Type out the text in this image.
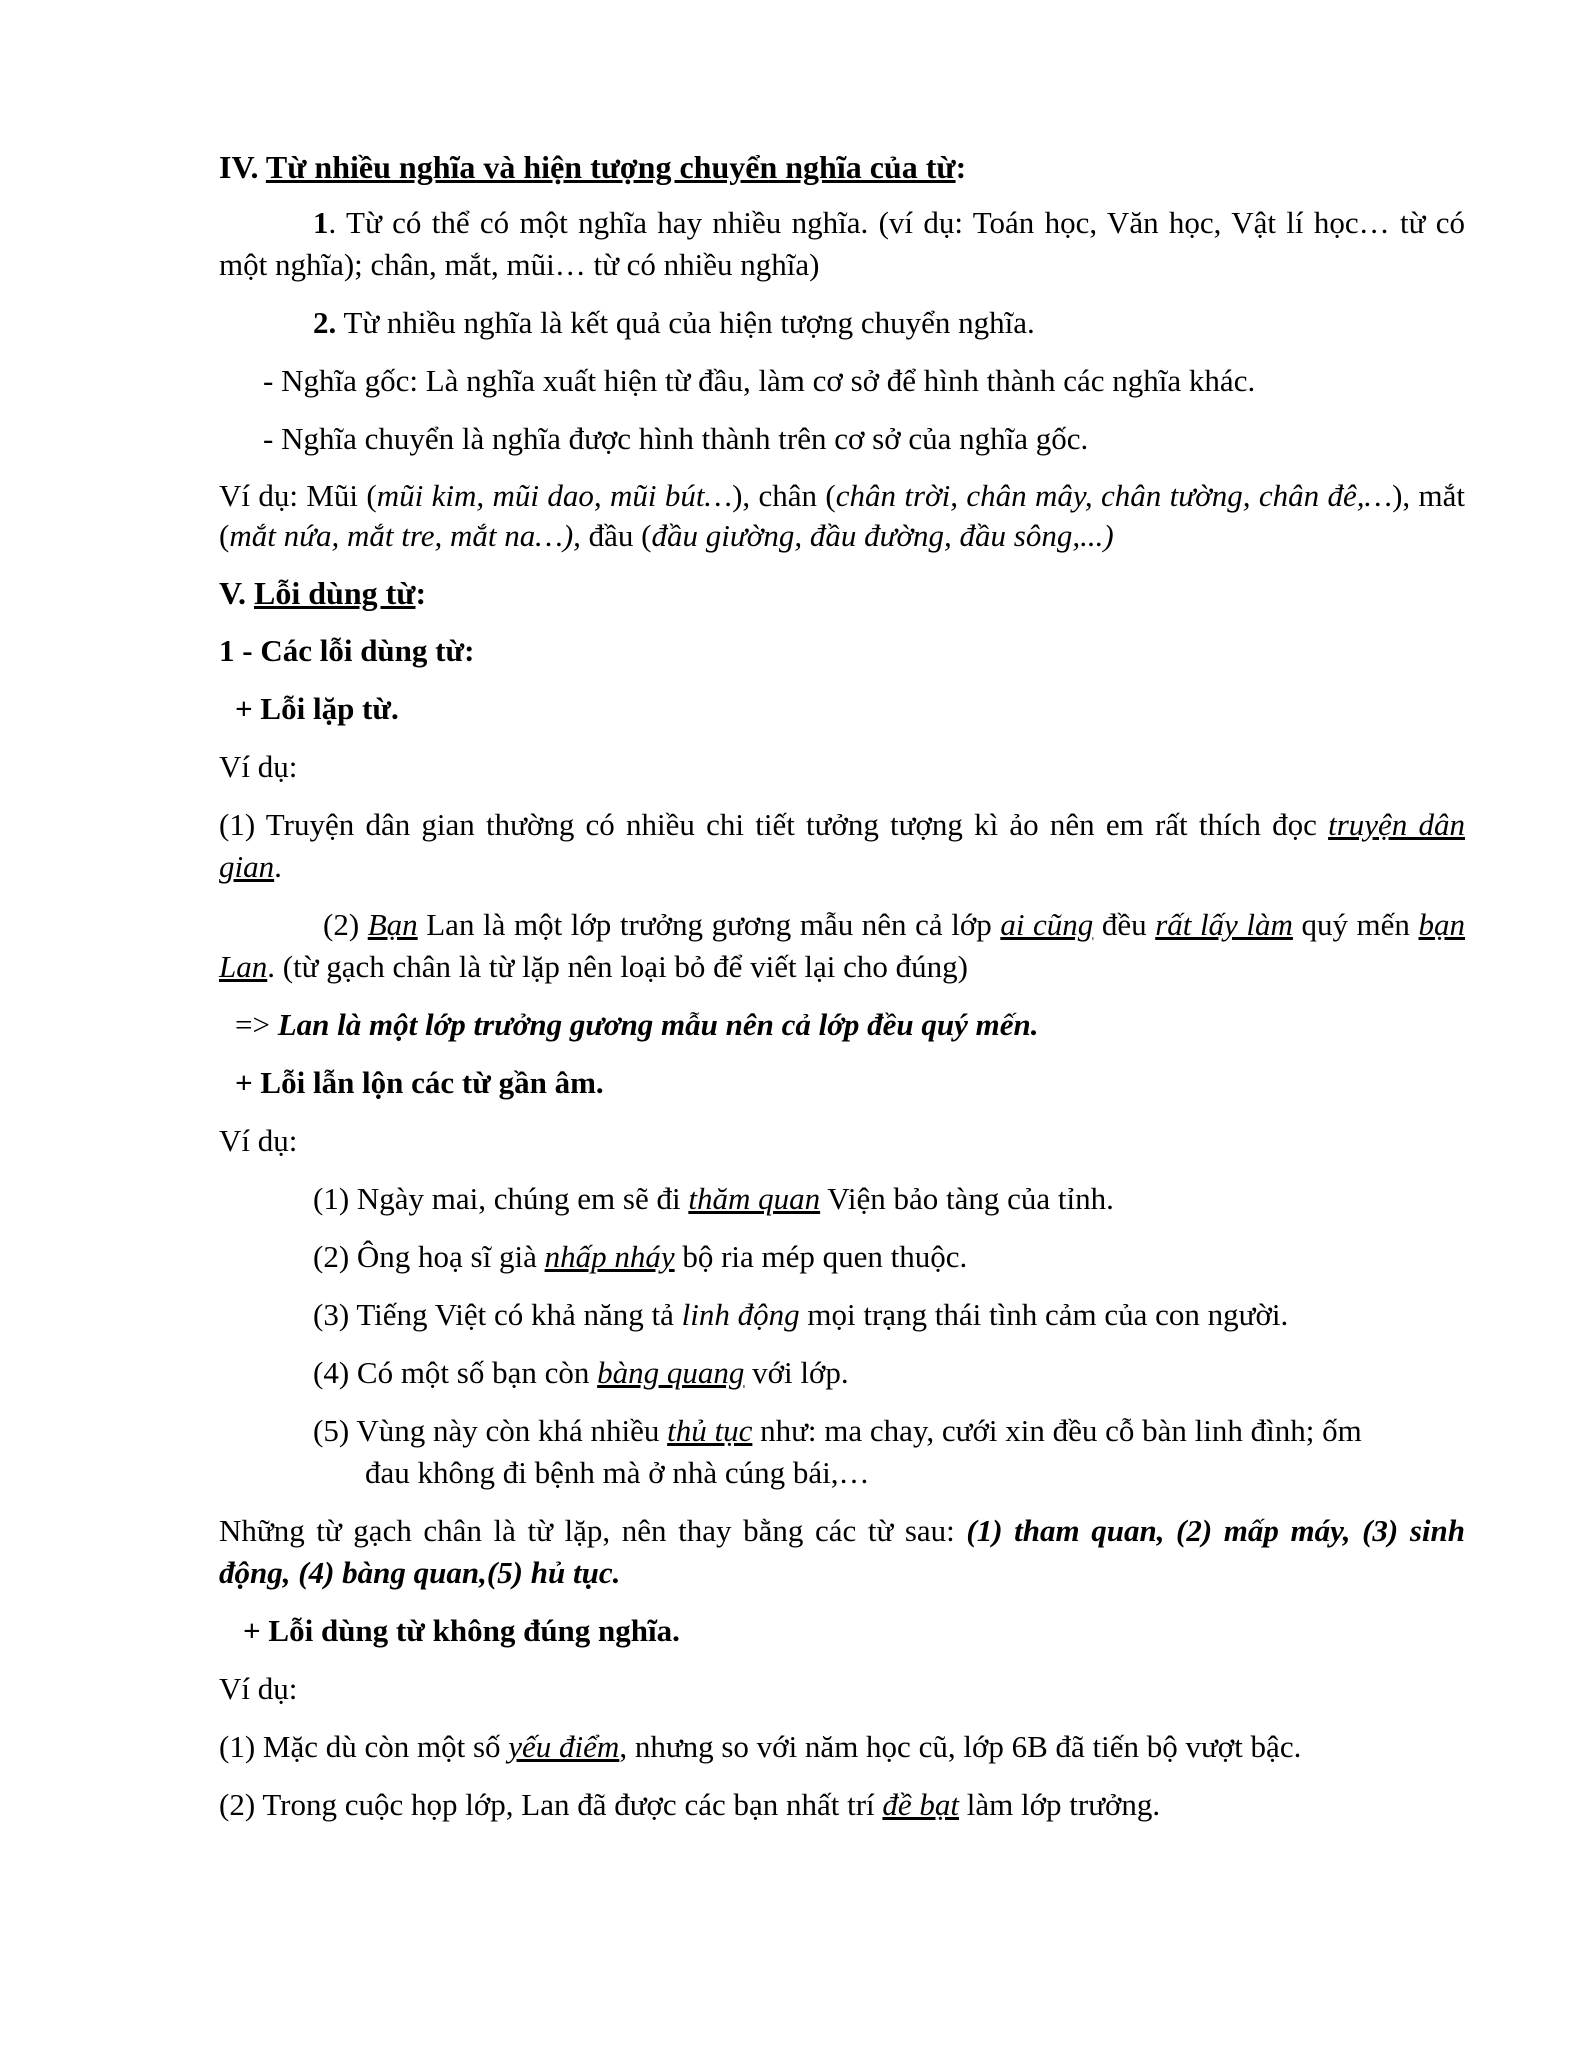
IV. Từ nhiều nghĩa và hiện tượng chuyển nghĩa của từ:

1. Từ có thể có một nghĩa hay nhiều nghĩa. (ví dụ: Toán học, Văn học, Vật lí học… từ có một nghĩa); chân, mắt, mũi… từ có nhiều nghĩa)

2. Từ nhiều nghĩa là kết quả của hiện tượng chuyển nghĩa.

- Nghĩa gốc: Là nghĩa xuất hiện từ đầu, làm cơ sở để hình thành các nghĩa khác.

- Nghĩa chuyển là nghĩa được hình thành trên cơ sở của nghĩa gốc.

Ví dụ: Mũi (mũi kim, mũi dao, mũi bút…), chân (chân trời, chân mây, chân tường, chân đê,…), mắt (mắt nứa, mắt tre, mắt na…), đầu (đầu giường, đầu đường, đầu sông,...)

V. Lỗi dùng từ:

1 - Các lỗi dùng từ:

+ Lỗi lặp từ.

Ví dụ:

(1) Truyện dân gian thường có nhiều chi tiết tưởng tượng kì ảo nên em rất thích đọc truyện dân gian.

(2) Bạn Lan là một lớp trưởng gương mẫu nên cả lớp ai cũng đều rất lấy làm quý mến bạn Lan. (từ gạch chân là từ lặp nên loại bỏ để viết lại cho đúng)

=> Lan là một lớp trưởng gương mẫu nên cả lớp đều quý mến.

+ Lỗi lẫn lộn các từ gần âm.

Ví dụ:

(1) Ngày mai, chúng em sẽ đi thăm quan Viện bảo tàng của tỉnh.

(2) Ông hoạ sĩ già nhấp nháy bộ ria mép quen thuộc.

(3) Tiếng Việt có khả năng tả linh động mọi trạng thái tình cảm của con người.

(4) Có một số bạn còn bàng quang với lớp.

(5) Vùng này còn khá nhiều thủ tục như: ma chay, cưới xin đều cỗ bàn linh đình; ốm đau không đi bệnh mà ở nhà cúng bái,…

Những từ gạch chân là từ lặp, nên thay bằng các từ sau: (1) tham quan, (2) mấp máy, (3) sinh động, (4) bàng quan,(5) hủ tục.

+ Lỗi dùng từ không đúng nghĩa.

Ví dụ:

(1) Mặc dù còn một số yếu điểm, nhưng so với năm học cũ, lớp 6B đã tiến bộ vượt bậc.

(2) Trong cuộc họp lớp, Lan đã được các bạn nhất trí đề bạt làm lớp trưởng.
